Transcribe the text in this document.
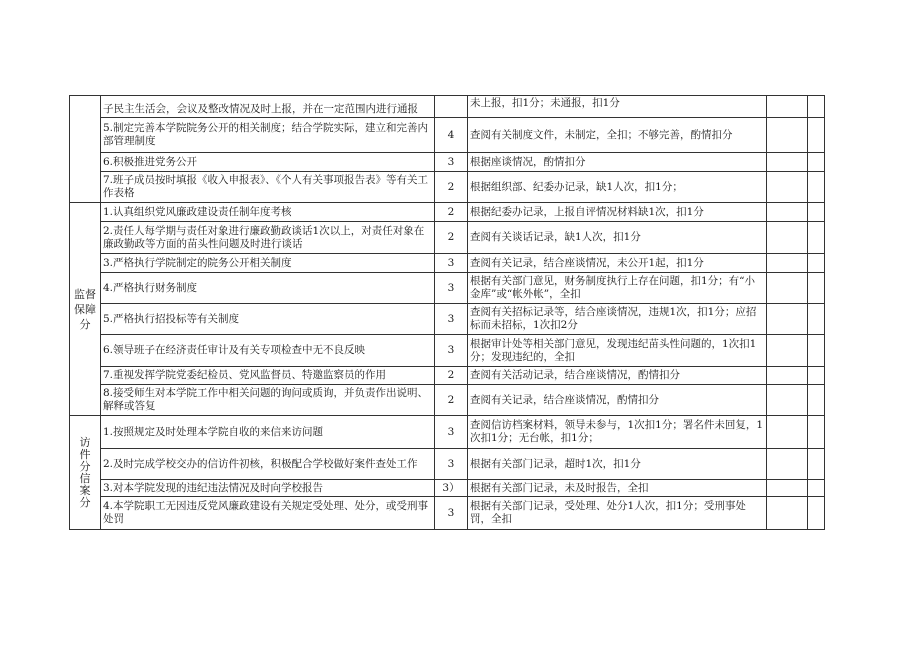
	子民主生活会，会议及整改情况及时上报，并在一定范围内进行通报		未上报，扣1分；未通报，扣1分		
	5.制定完善本学院院务公开的相关制度；结合学院实际，建立和完善内部管理制度	4	查阅有关制度文件，未制定，全扣；不够完善，酌情扣分		
	6.积极推进党务公开	3	根据座谈情况，酌情扣分		
	7.班子成员按时填报《收入申报表》、《个人有关事项报告表》等有关工作表格	2	根据组织部、纪委办记录，缺1人次，扣1分；		
监督保障分	1.认真组织党风廉政建设责任制年度考核	2	根据纪委办记录，上报自评情况材料缺1次，扣1分		
	2.责任人每学期与责任对象进行廉政勤政谈话1次以上，对责任对象在廉政勤政等方面的苗头性问题及时进行谈话	2	查阅有关谈话记录，缺1人次，扣1分		
	3.严格执行学院制定的院务公开相关制度	3	查阅有关记录，结合座谈情况，未公开1起，扣1分		
	4.严格执行财务制度	3	根据有关部门意见，财务制度执行上存在问题，扣1分；有“小金库”或“帐外帐”，全扣		
	5.严格执行招投标等有关制度	3	查阅有关招标记录等，结合座谈情况，违规1次，扣1分；应招标而未招标，1次扣2分		
	6.领导班子在经济责任审计及有关专项检查中无不良反映	3	根据审计处等相关部门意见，发现违纪苗头性问题的，1次扣1分；发现违纪的，全扣		
	7.重视发挥学院党委纪检员、党风监督员、特邀监察员的作用	2	查阅有关活动记录，结合座谈情况，酌情扣分		
	8.接受师生对本学院工作中相关问题的询问或质询，并负责作出说明、解释或答复	2	查阅有关记录，结合座谈情况，酌情扣分		

访件分信案分	1.按照规定及时处理本学院自收的来信来访问题	3	查阅信访档案材料，领导未参与，1次扣1分；署名件未回复，1次扣1分；无台帐，扣1分；		
	2.及时完成学校交办的信访件初核，积极配合学校做好案件查处工作	3	根据有关部门记录，超时1次，扣1分		
	3.对本学院发现的违纪违法情况及时向学校报告	3）	根据有关部门记录，未及时报告，全扣		
	4.本学院职工无因违反党风廉政建设有关规定受处理、处分，或受刑事处罚	3	根据有关部门记录，受处理、处分1人次，扣1分；受刑事处罚，全扣		
